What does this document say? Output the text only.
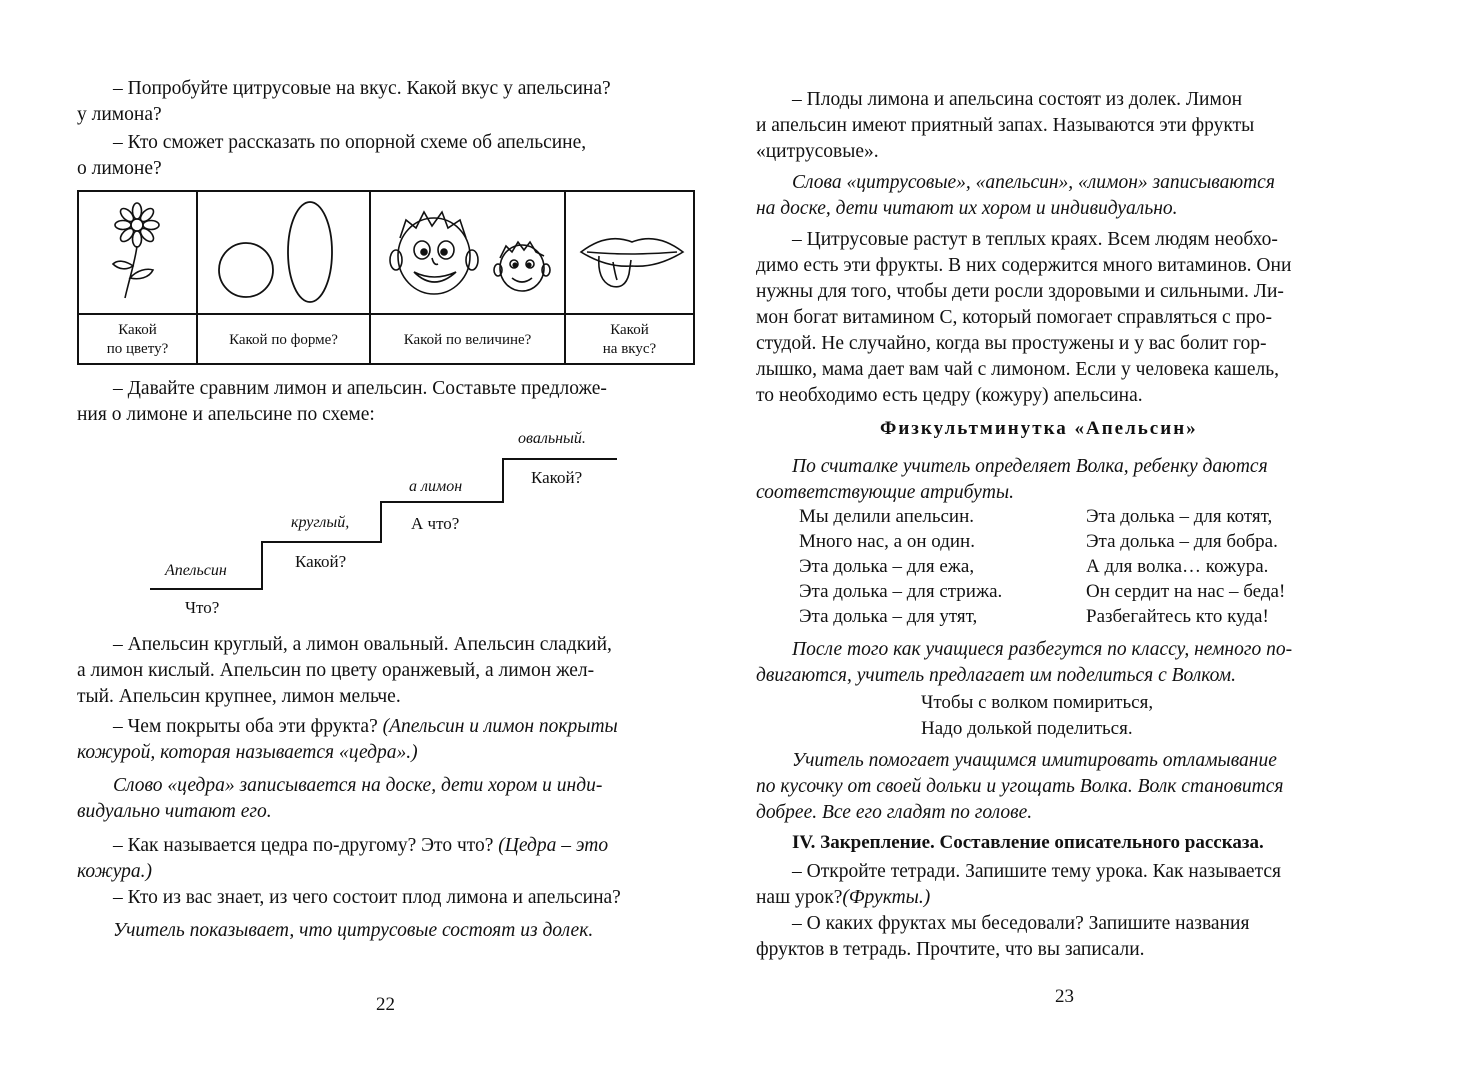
– Попробуйте цитрусовые на вкус. Какой вкус у апельсина?
у лимона?

– Кто сможет рассказать по опорной схеме об апельсине,
о лимоне?

Какой
по цвету?
Какой по форме?	Какой по величине?
Какой
на вкус?

– Давайте сравним лимон и апельсин. Составьте предложе-
ния о лимоне и апельсине по схеме:

Апельсин
Что?
круглый,
Какой?
а лимон
А что?
овальный.
Какой?

– Апельсин круглый, а лимон овальный. Апельсин сладкий,
а лимон кислый. Апельсин по цвету оранжевый, а лимон жел-
тый. Апельсин крупнее, лимон мельче.

– Чем покрыты оба эти фрукта? (Апельсин и лимон покрыты
кожурой, которая называется «цедра».)

Слово «цедра» записывается на доске, дети хором и инди-
видуально читают его.

– Как называется цедра по-другому? Это что? (Цедра – это
кожура.)

– Кто из вас знает, из чего состоит плод лимона и апельсина?

Учитель показывает, что цитрусовые состоят из долек.

22

– Плоды лимона и апельсина состоят из долек. Лимон
и апельсин имеют приятный запах. Называются эти фрукты
«цитрусовые».

Слова «цитрусовые», «апельсин», «лимон» записываются
на доске, дети читают их хором и индивидуально.

– Цитрусовые растут в теплых краях. Всем людям необхо-
димо есть эти фрукты. В них содержится много витаминов. Они
нужны для того, чтобы дети росли здоровыми и сильными. Ли-
мон богат витамином С, который помогает справляться с про-
студой. Не случайно, когда вы простужены и у вас болит гор-
лышко, мама дает вам чай с лимоном. Если у человека кашель,
то необходимо есть цедру (кожуру) апельсина.

Физкультминутка «Апельсин»

По считалке учитель определяет Волка, ребенку даются
соответствующие атрибуты.

Мы делили апельсин.
Много нас, а он один.
Эта долька – для ежа,
Эта долька – для стрижа.
Эта долька – для утят,
Эта долька – для котят,
Эта долька – для бобра.
А для волка… кожура.
Он сердит на нас – беда!
Разбегайтесь кто куда!

После того как учащиеся разбегутся по классу, немного по-
двигаются, учитель предлагает им поделиться с Волком.

Чтобы с волком помириться,
Надо долькой поделиться.

Учитель помогает учащимся имитировать отламывание
по кусочку от своей дольки и угощать Волка. Волк становится
добрее. Все его гладят по голове.

IV. Закрепление. Составление описательного рассказа.

– Откройте тетради. Запишите тему урока. Как называется
наш урок?(Фрукты.)

– О каких фруктах мы беседовали? Запишите названия
фруктов в тетрадь. Прочтите, что вы записали.

23
